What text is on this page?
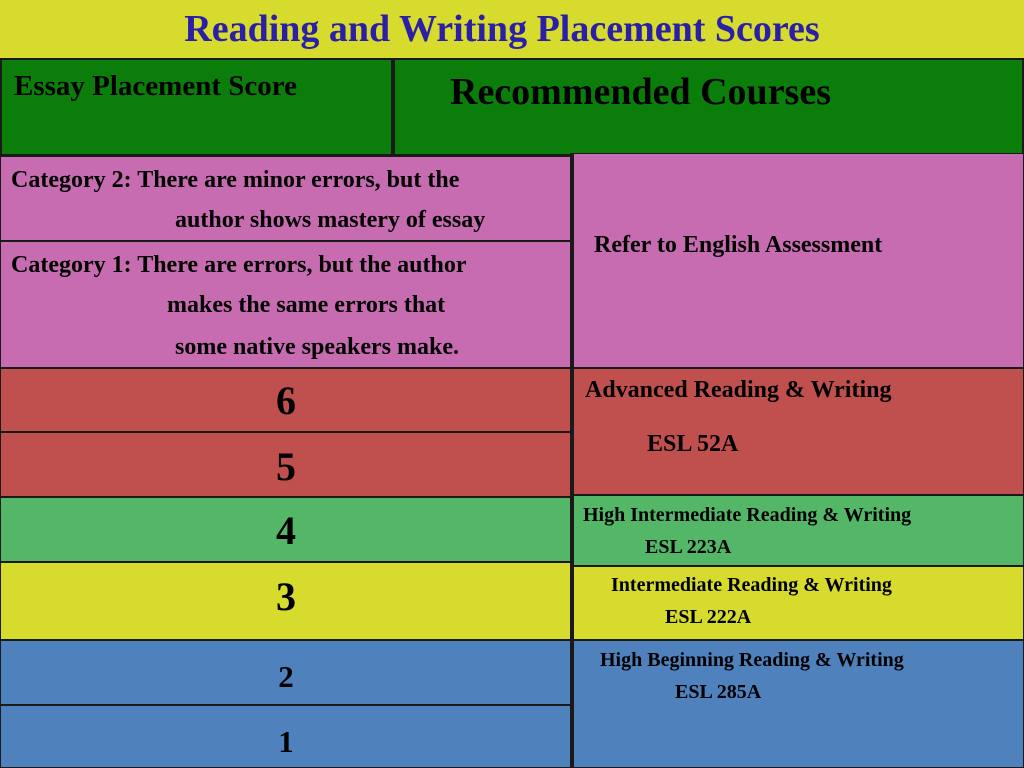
Reading and Writing Placement Scores
Essay Placement Score	Recommended Courses
Category 2: There are minor errors, but the
author shows mastery of essay
Category 1: There are errors, but the author
makes the same errors that
some native speakers make.
6
5
4
3
2
1
Refer to English Assessment
Advanced Reading & Writing
ESL 52A
High Intermediate Reading & Writing
ESL 223A
Intermediate Reading & Writing
ESL 222A
High Beginning Reading & Writing
ESL 285A
